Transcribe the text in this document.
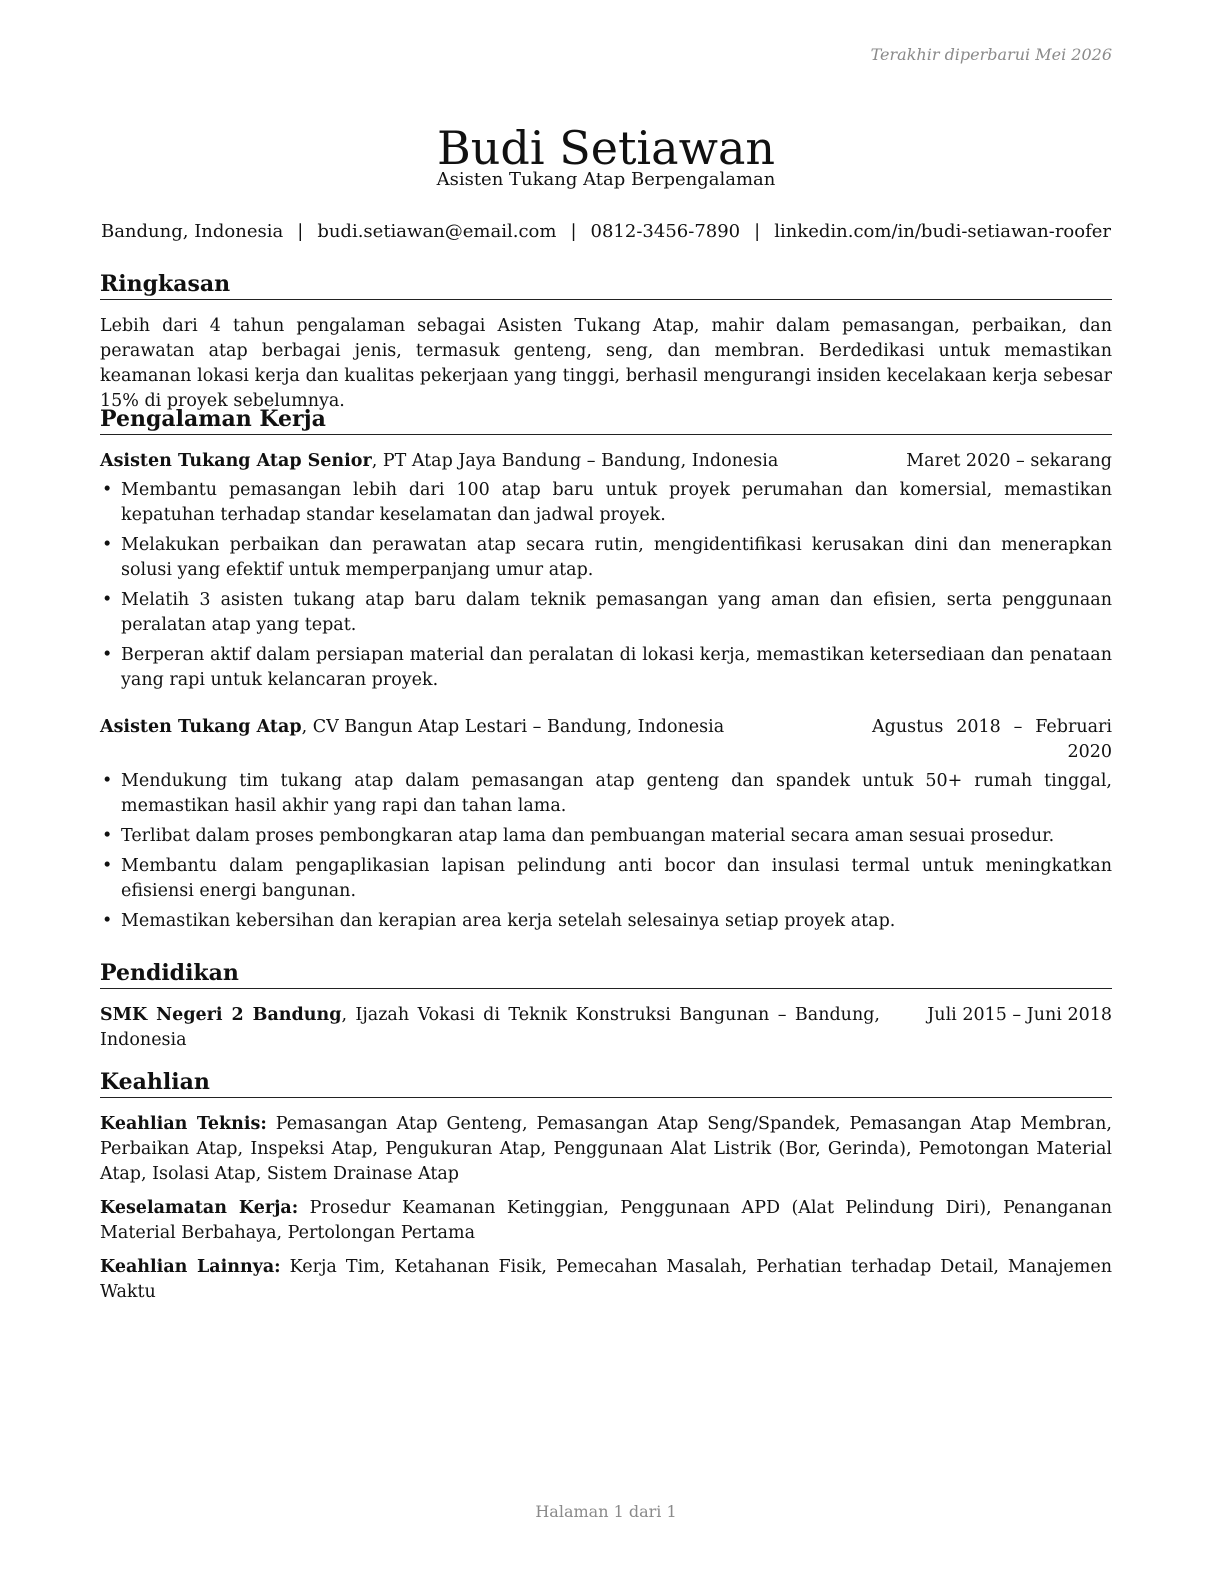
Terakhir diperbarui Mei 2026
Budi Setiawan
Asisten Tukang Atap Berpengalaman
Bandung, Indonesia | budi.setiawan@email.com | 0812-3456-7890 | linkedin.com/in/budi-setiawan-roofer
Ringkasan

Lebih dari 4 tahun pengalaman sebagai Asisten Tukang Atap, mahir dalam pemasangan, perbaikan, dan perawatan atap berbagai jenis, termasuk genteng, seng, dan membran. Berdedikasi untuk memastikan keamanan lokasi kerja dan kualitas pekerjaan yang tinggi, berhasil mengurangi insiden kecelakaan kerja sebesar 15% di proyek sebelumnya.

Pengalaman Kerja
Asisten Tukang Atap Senior, PT Atap Jaya Bandung – Bandung, Indonesia	Maret 2020 – sekarang
• Membantu pemasangan lebih dari 100 atap baru untuk proyek perumahan dan komersial, memastikan kepatuhan terhadap standar keselamatan dan jadwal proyek.
• Melakukan perbaikan dan perawatan atap secara rutin, mengidentifikasi kerusakan dini dan menerapkan solusi yang efektif untuk memperpanjang umur atap.
• Melatih 3 asisten tukang atap baru dalam teknik pemasangan yang aman dan efisien, serta penggunaan peralatan atap yang tepat.
• Berperan aktif dalam persiapan material dan peralatan di lokasi kerja, memastikan ketersediaan dan penataan yang rapi untuk kelancaran proyek.
Asisten Tukang Atap, CV Bangun Atap Lestari – Bandung, Indonesia	Agustus 2018 – Februari 2020
• Mendukung tim tukang atap dalam pemasangan atap genteng dan spandek untuk 50+ rumah tinggal, memastikan hasil akhir yang rapi dan tahan lama.
• Terlibat dalam proses pembongkaran atap lama dan pembuangan material secara aman sesuai prosedur.
• Membantu dalam pengaplikasian lapisan pelindung anti bocor dan insulasi termal untuk meningkatkan efisiensi energi bangunan.
• Memastikan kebersihan dan kerapian area kerja setelah selesainya setiap proyek atap.
Pendidikan
SMK Negeri 2 Bandung, Ijazah Vokasi di Teknik Konstruksi Bangunan – Bandung, Indonesia
Juli 2015 – Juni 2018
Keahlian

Keahlian Teknis: Pemasangan Atap Genteng, Pemasangan Atap Seng/Spandek, Pemasangan Atap Membran, Perbaikan Atap, Inspeksi Atap, Pengukuran Atap, Penggunaan Alat Listrik (Bor, Gerinda), Pemotongan Material Atap, Isolasi Atap, Sistem Drainase Atap

Keselamatan Kerja: Prosedur Keamanan Ketinggian, Penggunaan APD (Alat Pelindung Diri), Penanganan Material Berbahaya, Pertolongan Pertama

Keahlian Lainnya: Kerja Tim, Ketahanan Fisik, Pemecahan Masalah, Perhatian terhadap Detail, Manajemen Waktu

Halaman 1 dari 1
